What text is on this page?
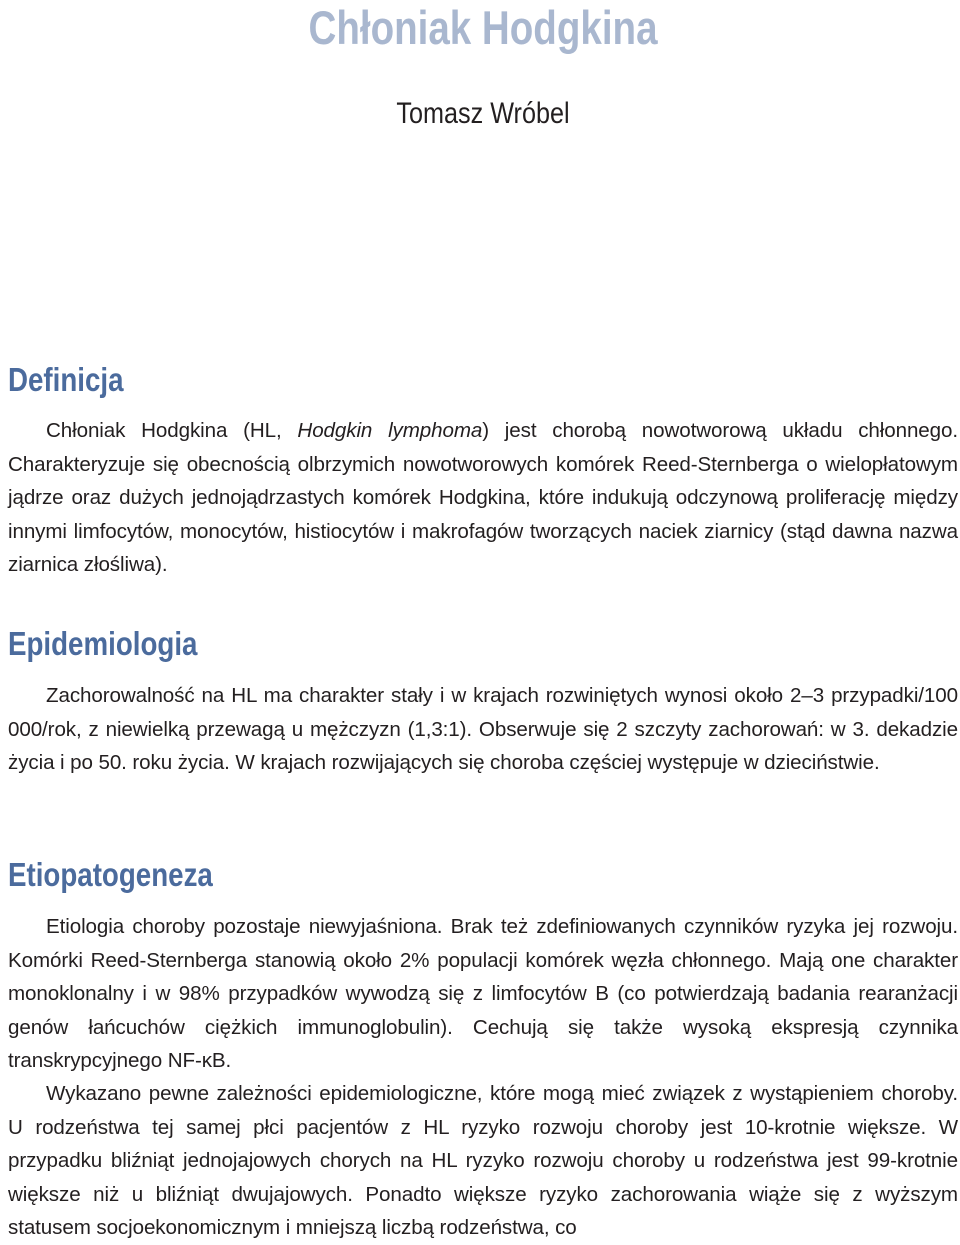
Chłoniak Hodgkina

Tomasz Wróbel

Definicja

Chłoniak Hodgkina (HL, Hodgkin lymphoma) jest chorobą nowotworową układu chłonnego. Charakteryzuje się obecnością olbrzymich nowotworowych komórek Reed-Sternberga o wielopłatowym jądrze oraz dużych jednojądrzastych komórek Hodgkina, które indukują odczynową proliferację między innymi limfocytów, monocytów, histiocytów i makrofagów tworzących naciek ziarnicy (stąd dawna nazwa ziarnica złośliwa).

Epidemiologia

Zachorowalność na HL ma charakter stały i w krajach rozwiniętych wynosi około 2–3 przypadki/100 000/rok, z niewielką przewagą u mężczyzn (1,3:1). Obserwuje się 2 szczyty zachorowań: w 3. dekadzie życia i po 50. roku życia. W krajach rozwijających się choroba częściej występuje w dzieciństwie.

Etiopatogeneza

Etiologia choroby pozostaje niewyjaśniona. Brak też zdefiniowanych czynników ryzyka jej rozwoju. Komórki Reed-Sternberga stanowią około 2% populacji komórek węzła chłonnego. Mają one charakter monoklonalny i w 98% przypadków wywodzą się z limfocytów B (co potwierdzają badania rearanżacji genów łańcuchów ciężkich immunoglobulin). Cechują się także wysoką ekspresją czynnika transkrypcyjnego NF-κB.

Wykazano pewne zależności epidemiologiczne, które mogą mieć związek z wystąpieniem choroby. U rodzeństwa tej samej płci pacjentów z HL ryzyko rozwoju choroby jest 10-krotnie większe. W przypadku bliźniąt jednojajowych chorych na HL ryzyko rozwoju choroby u rodzeństwa jest 99-krotnie większe niż u bliźniąt dwujajowych. Ponadto większe ryzyko zachorowania wiąże się z wyższym statusem socjoekonomicznym i mniejszą liczbą rodzeństwa, co
